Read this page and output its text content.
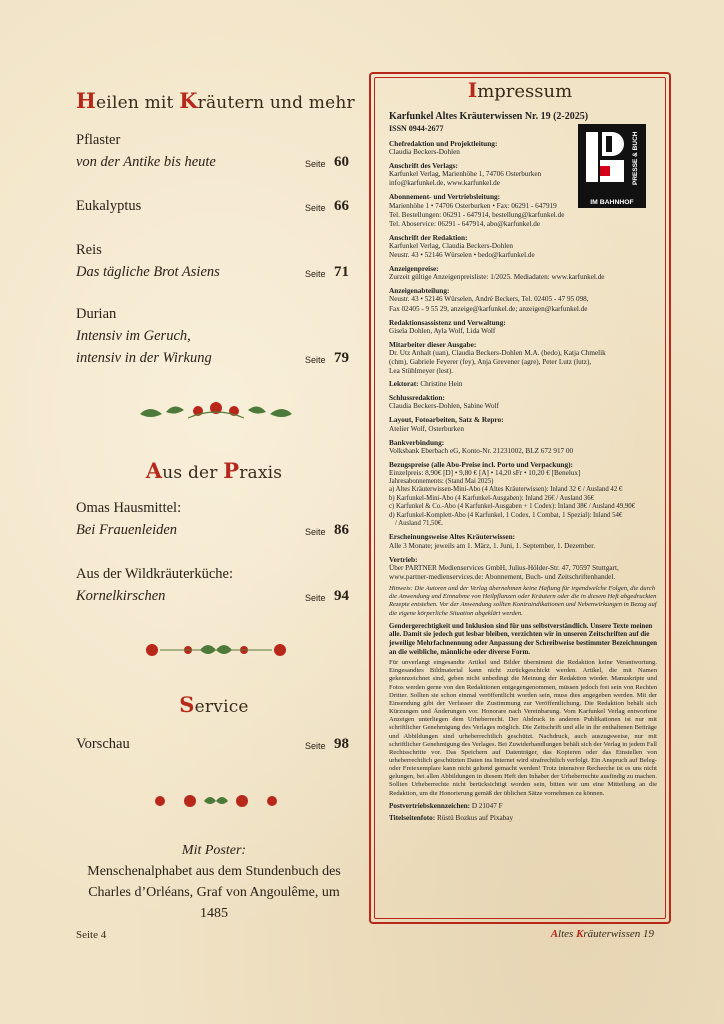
Heilen mit Kräutern und mehr
Pflaster
von der Antike bis heute	Seite 60
Eukalyptus	Seite 66
Reis
Das tägliche Brot Asiens	Seite 71
Durian
Intensiv im Geruch,
intensiv in der Wirkung	Seite 79
Aus der Praxis
Omas Hausmittel:
Bei Frauenleiden	Seite 86
Aus der Wildkräuterküche:
Kornelkirschen	Seite 94
Service
Vorschau	Seite 98
Mit Poster:
Menschenalphabet aus dem Stundenbuch des
Charles d’Orléans, Graf von Angoulême, um 1485
Impressum
Karfunkel Altes Kräuterwissen Nr. 19 (2-2025)
ISSN 0944-2677
Chefredaktion und Projektleitung:
Claudia Beckers-Dohlen
Anschrift des Verlags:
Karfunkel Verlag, Marienhöhe 1, 74706 Osterburken
info@karfunkel.de, www.karfunkel.de
Abonnement- und Vertriebsleitung:
Marienhöhe 1 • 74706 Osterburken • Fax: 06291 - 647919
Tel. Bestellungen: 06291 - 647914, bestellung@karfunkel.de
Tel. Aboservice: 06291 - 647914, abo@karfunkel.de
Anschrift der Redaktion:
Karfunkel Verlag, Claudia Beckers-Dohlen
Neustr. 43 • 52146 Würselen • bedo@karfunkel.de
Anzeigenpreise:
Zurzeit gültige Anzeigenpreisliste: 1/2025. Mediadaten: www.karfunkel.de
Anzeigenabteilung:
Neustr. 43 • 52146 Würselen, André Beckers, Tel. 02405 - 47 95 098,
Fax 02405 - 9 55 29, anzeige@karfunkel.de; anzeigen@karfunkel.de
Redaktionsassistenz und Verwaltung:
Gisela Dohlen, Ayla Wolf, Lida Wolf
Mitarbeiter dieser Ausgabe:
Dr. Utz Anhalt (uan), Claudia Beckers-Dohlen M.A. (bedo), Katja Chmelik
(chm), Gabriele Feyerer (fey), Anja Grevener (agre), Peter Lutz (lutz),
Lea Stühlmeyer (lest).
Lektorat: Christine Hein
Schlussredaktion:
Claudia Beckers-Dohlen, Sabine Wolf
Layout, Fotoarbeiten, Satz & Repro:
Atelier Wolf, Osterburken
Bankverbindung:
Volksbank Eberbach eG, Konto-Nr. 21231002, BLZ 672 917 00
Bezugspreise (alle Abo-Preise incl. Porto und Verpackung):
Einzelpreis: 8,90€ [D] • 9,80 € [A] • 14,20 sFr • 10,20 € [Benelux]
Jahresabonnements: (Stand Mai 2025)
a) Altes Kräuterwissen-Mini-Abo (4 Altes Kräuterwissen): Inland 32 € / Ausland 42 €
b) Karfunkel-Mini-Abo (4 Karfunkel-Ausgaben): Inland 26€ / Ausland 36€
c) Karfunkel & Co.-Abo (4 Karfunkel-Ausgaben + 1 Codex): Inland 38€ / Ausland 49,90€
d) Karfunkel-Komplett-Abo (4 Karfunkel, 1 Codex, 1 Combat, 1 Spezial): Inland 54€
/ Ausland 71,50€.
Erscheinungsweise Altes Kräuterwissen:
Alle 3 Monate; jeweils am 1. März, 1. Juni, 1. September, 1. Dezember.
Vertrieb:
Über PARTNER Medienservices GmbH, Julius-Hölder-Str. 47, 70597 Stuttgart,
www.partner-medienservices.de: Abonnement, Buch- und Zeitschriftenhandel.
Hinweis: Die Autoren und der Verlag übernehmen keine Haftung für irgendwelche Folgen, die durch die Anwendung und Einnahme von Heilpflanzen oder Kräutern oder die in diesem Heft abgedruckten Rezepte entstehen. Vor der Anwendung sollten Kontraindikationen und Nebenwirkungen in Bezug auf die eigene körperliche Situation abgeklärt werden.
Gendergerechtigkeit und Inklusion sind für uns selbstverständlich. Unsere Texte meinen alle. Damit sie jedoch gut lesbar bleiben, verzichten wir in unseren Zeitschriften auf die jeweilige Mehrfachnennung oder Anpassung der Schreibweise bestimmter Bezeichnungen an die weibliche, männliche oder diverse Form.
Für unverlangt eingesandte Artikel und Bilder übernimmt die Redaktion keine Verantwortung. Eingesandtes Bildmaterial kann nicht zurückgeschickt werden. Artikel, die mit Namen gekennzeichnet sind, geben nicht unbedingt die Meinung der Redaktion wieder. Manuskripte und Fotos werden gerne von den Redaktionen entgegengenommen, müssen jedoch frei sein von Rechten Dritter. Sollten sie schon einmal veröffentlicht worden sein, muss dies angegeben werden. Mit der Einsendung gibt der Verfasser die Zustimmung zur Veröffentlichung. Die Redaktion behält sich Kürzungen und Änderungen vor. Honorare nach Vereinbarung. Vom Karfunkel Verlag entworfene Anzeigen unterliegen dem Urheberrecht. Der Abdruck in anderen Publikationen ist nur mit schriftlicher Genehmigung des Verlages möglich. Die Zeitschrift und alle in ihr enthaltenen Beiträge und Abbildungen sind urheberrechtlich geschützt. Nachdruck, auch auszugsweise, nur mit schriftlicher Genehmigung des Verlages. Bei Zuwiderhandlungen behält sich der Verlag in jedem Fall Rechtsschritte vor. Das Speichern auf Datenträger, das Kopieren oder das Einstellen von urheberrechtlich geschützten Daten ins Internet wird strafrechtlich verfolgt. Ein Anspruch auf Beleg- oder Freiexemplare kann nicht geltend gemacht werden! Trotz intensiver Recherche ist es uns nicht gelungen, bei allen Abbildungen in diesem Heft den Inhaber der Urheberrechte ausfindig zu machen. Sollten Urheberrechte nicht berücksichtigt worden sein, bitten wir um eine Mitteilung an die Redaktion, um die Honorierung gemäß der üblichen Sätze vornehmen zu können.
Postvertriebskennzeichen: D 21047 F
Titelseitenfoto: Rüstü Bozkus auf Pixabay
PRESSE & BUCH
IM BAHNHOF
Seite 4	Altes Kräuterwissen 19
